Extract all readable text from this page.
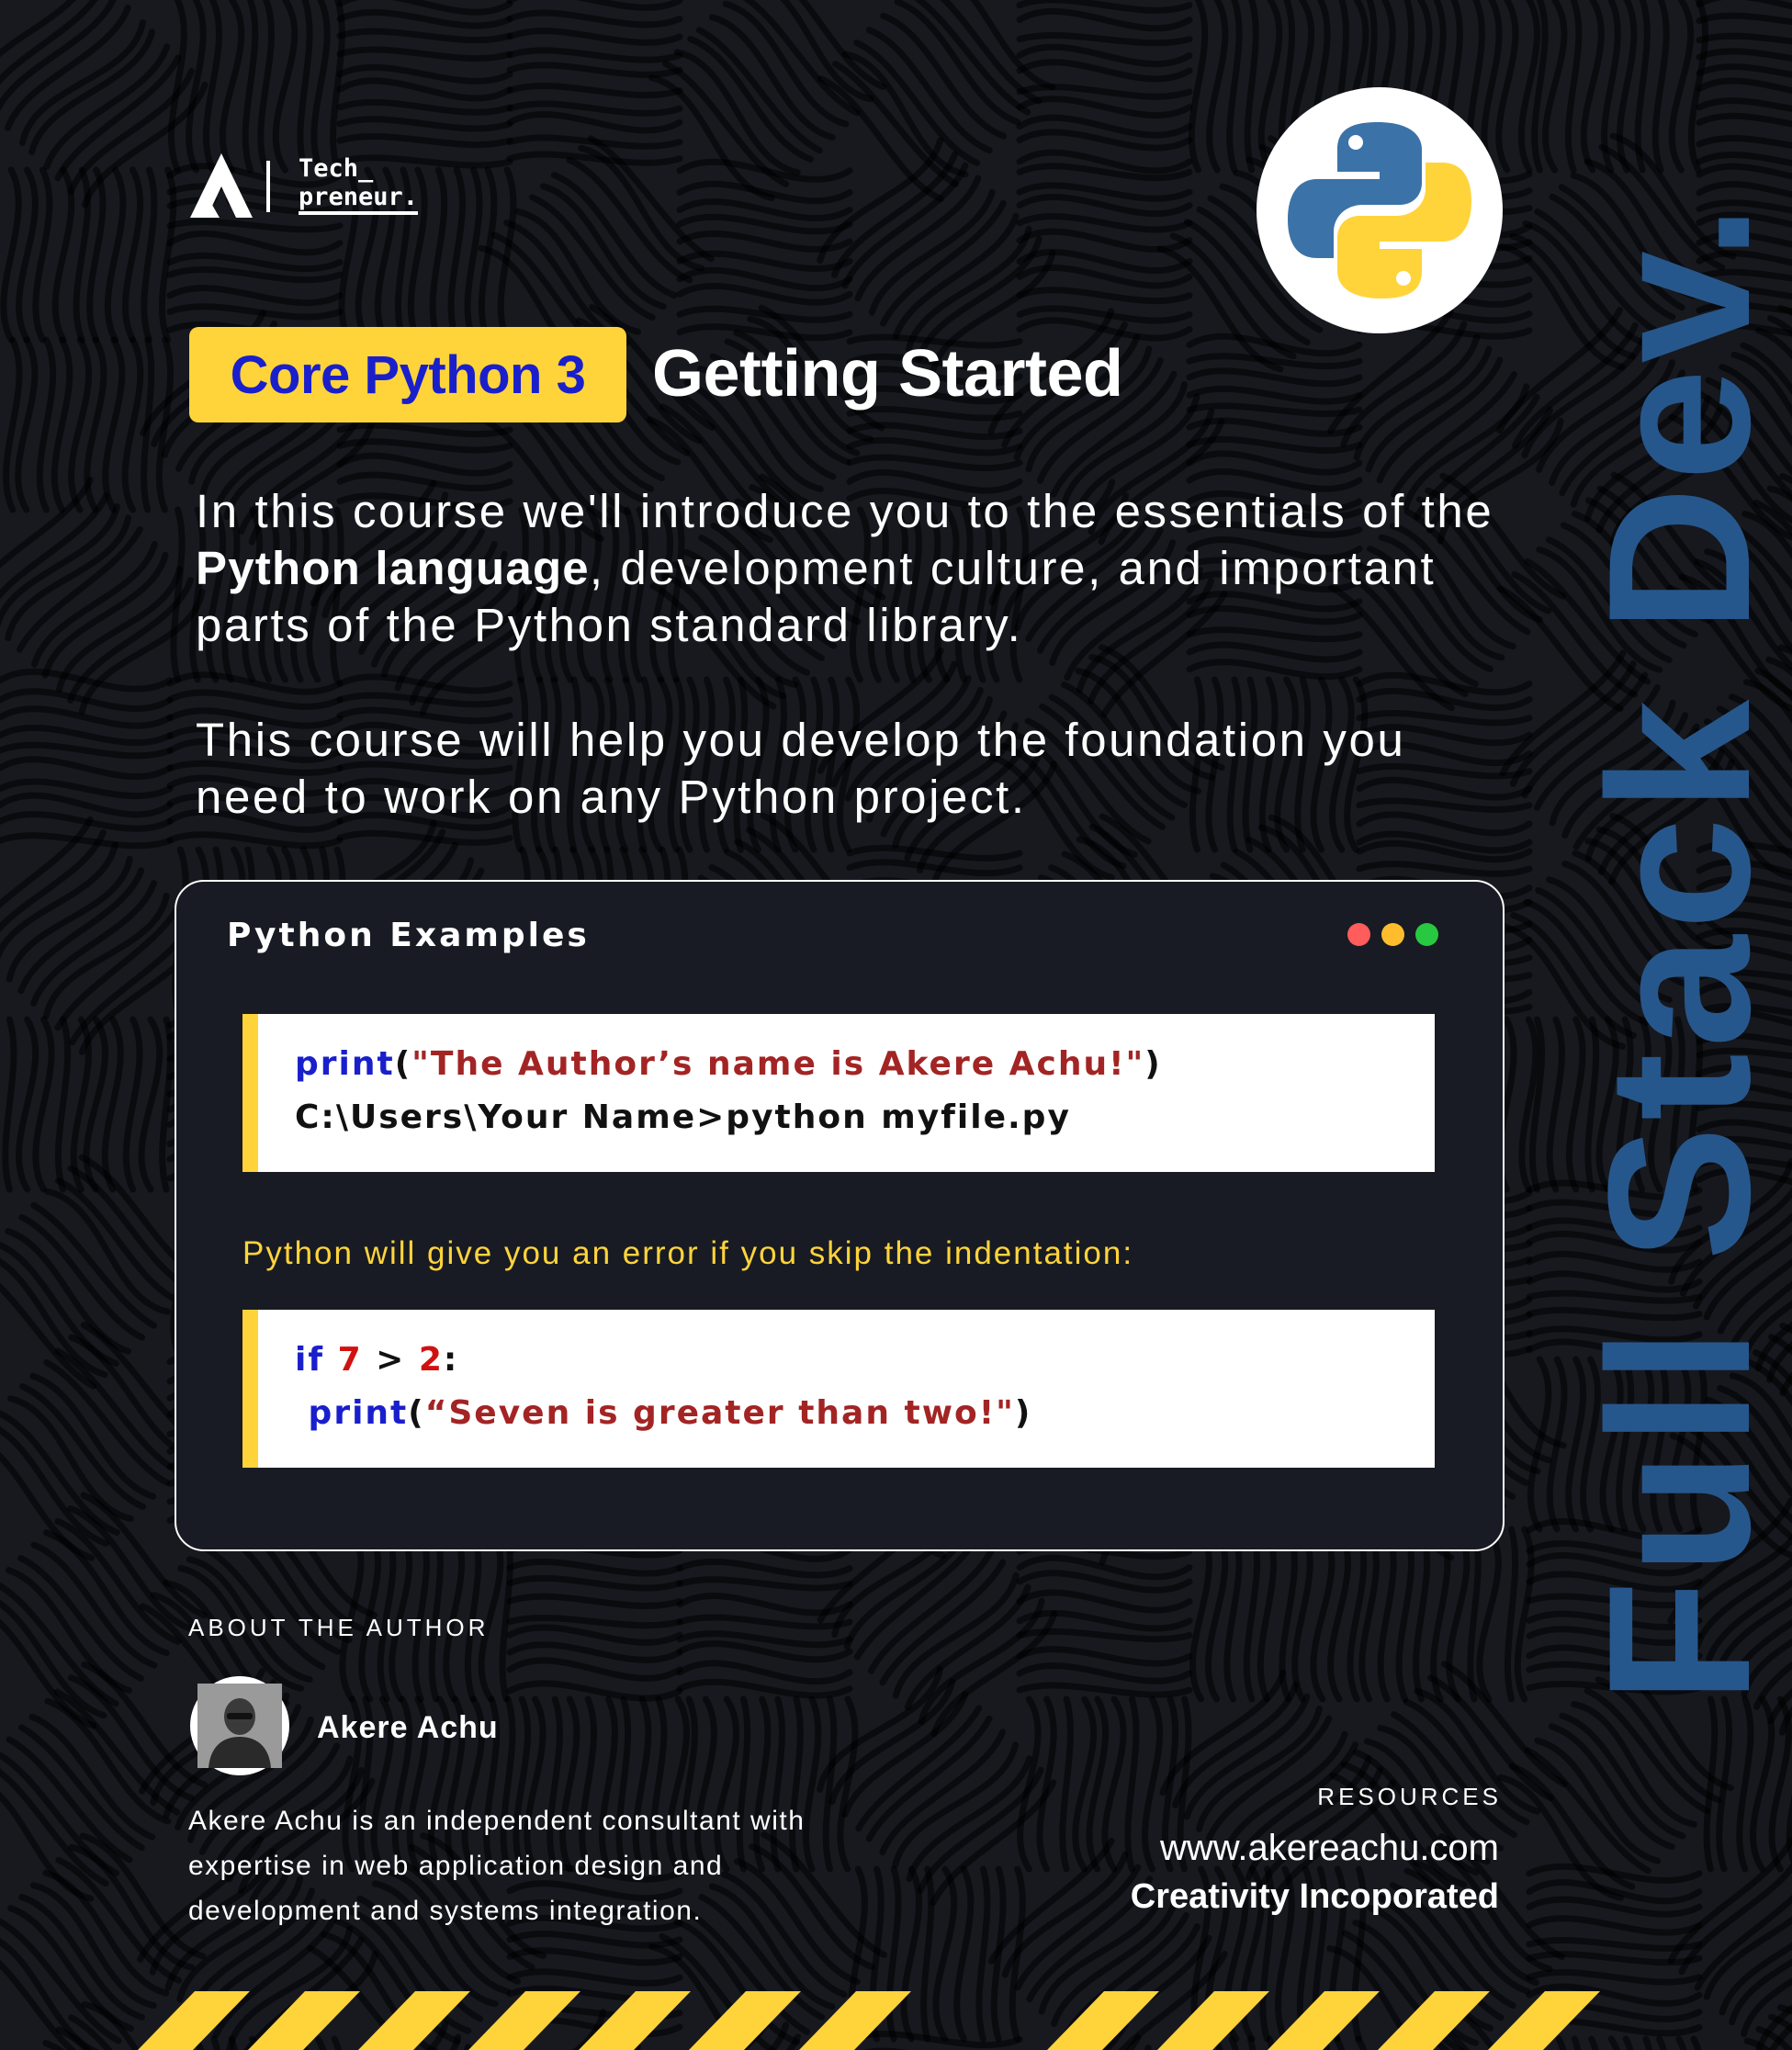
Tech_
preneur.
Core Python 3 Getting Started

In this course we'll introduce you to the essentials of the Python language, development culture, and important parts of the Python standard library.

This course will help you develop the foundation you need to work on any Python project.

Python Examples
print("The Author’s name is Akere Achu!")
C:\Users\Your Name>python myfile.py
Python will give you an error if you skip the indentation:
if 7 > 2:
print(“Seven is greater than two!")	Full Stack Dev.
ABOUT THE AUTHOR
Akere Achu

Akere Achu is an independent consultant with expertise in web application design and development and systems integration.

RESOURCES
www.akereachu.com
Creativity Incoporated
